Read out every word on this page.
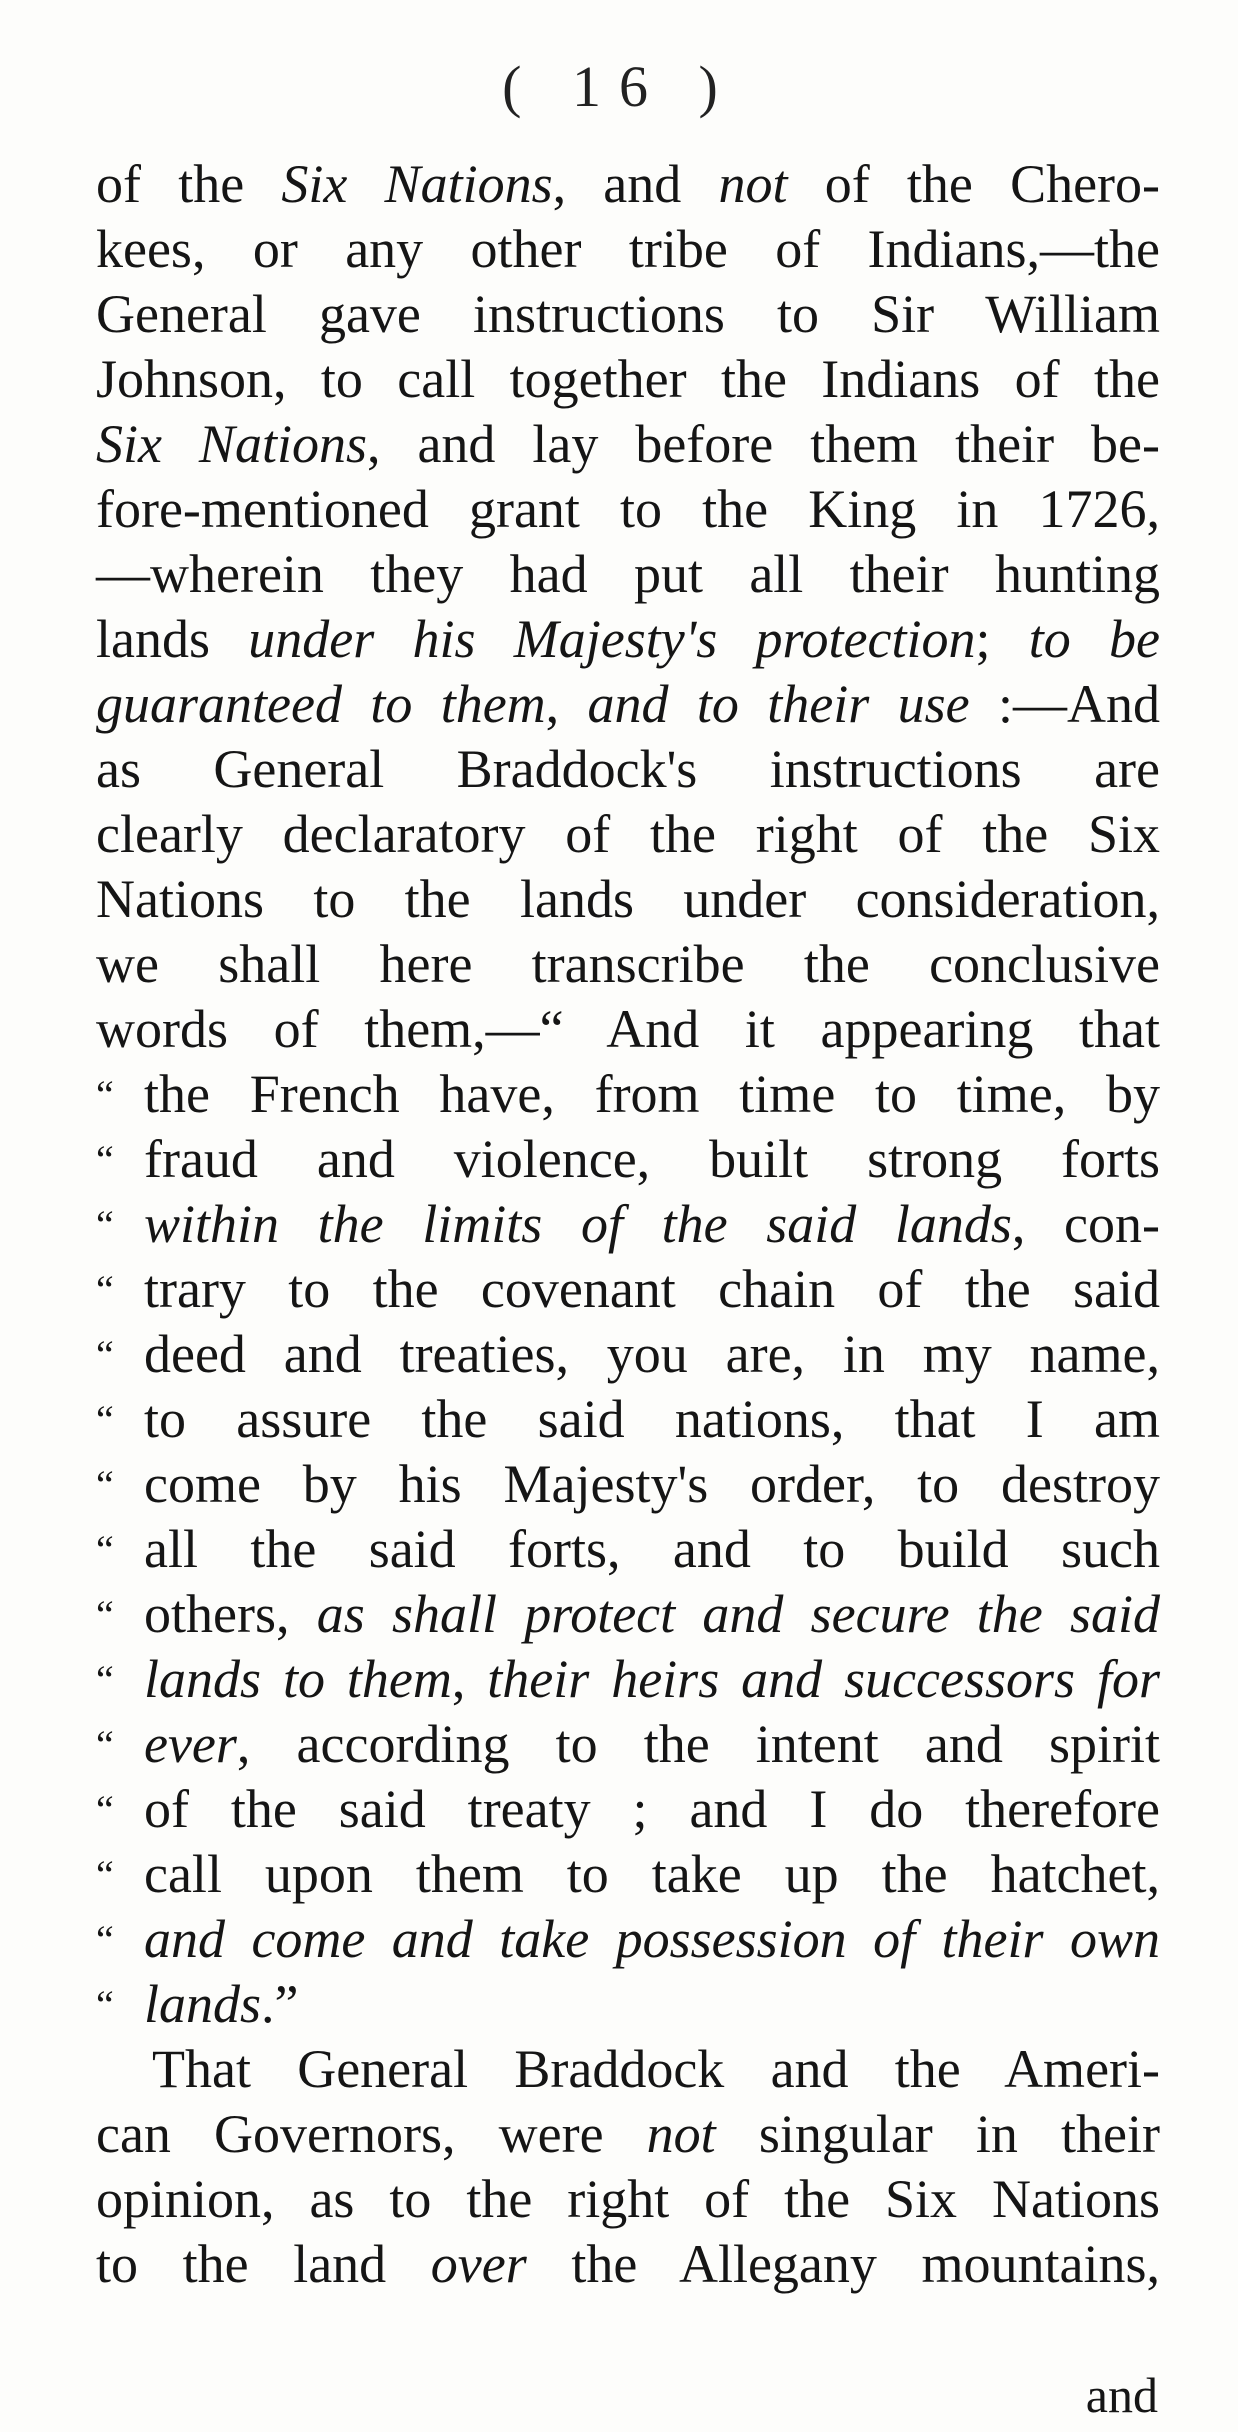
( 16 )
of the Six Nations, and not of the Chero-
kees, or any other tribe of Indians,—the
General gave instructions to Sir William
Johnson, to call together the Indians of the
Six Nations, and lay before them their be-
fore-mentioned grant to the King in 1726,
—wherein they had put all their hunting
lands under his Majesty's protection; to be
guaranteed to them, and to their use :—And
as General Braddock's instructions are
clearly declaratory of the right of the Six
Nations to the lands under consideration,
we shall here transcribe the conclusive
words of them,—“ And it appearing that
“ the French have, from time to time, by
“ fraud and violence, built strong forts
“ within the limits of the said lands, con-
“ trary to the covenant chain of the said
“ deed and treaties, you are, in my name,
“ to assure the said nations, that I am
“ come by his Majesty's order, to destroy
“ all the said forts, and to build such
“ others, as shall protect and secure the said
“ lands to them, their heirs and successors for
“ ever, according to the intent and spirit
“ of the said treaty ; and I do therefore
“ call upon them to take up the hatchet,
“ and come and take possession of their own
“ lands.”
That General Braddock and the Ameri-
can Governors, were not singular in their
opinion, as to the right of the Six Nations
to the land over the Allegany mountains,
and
